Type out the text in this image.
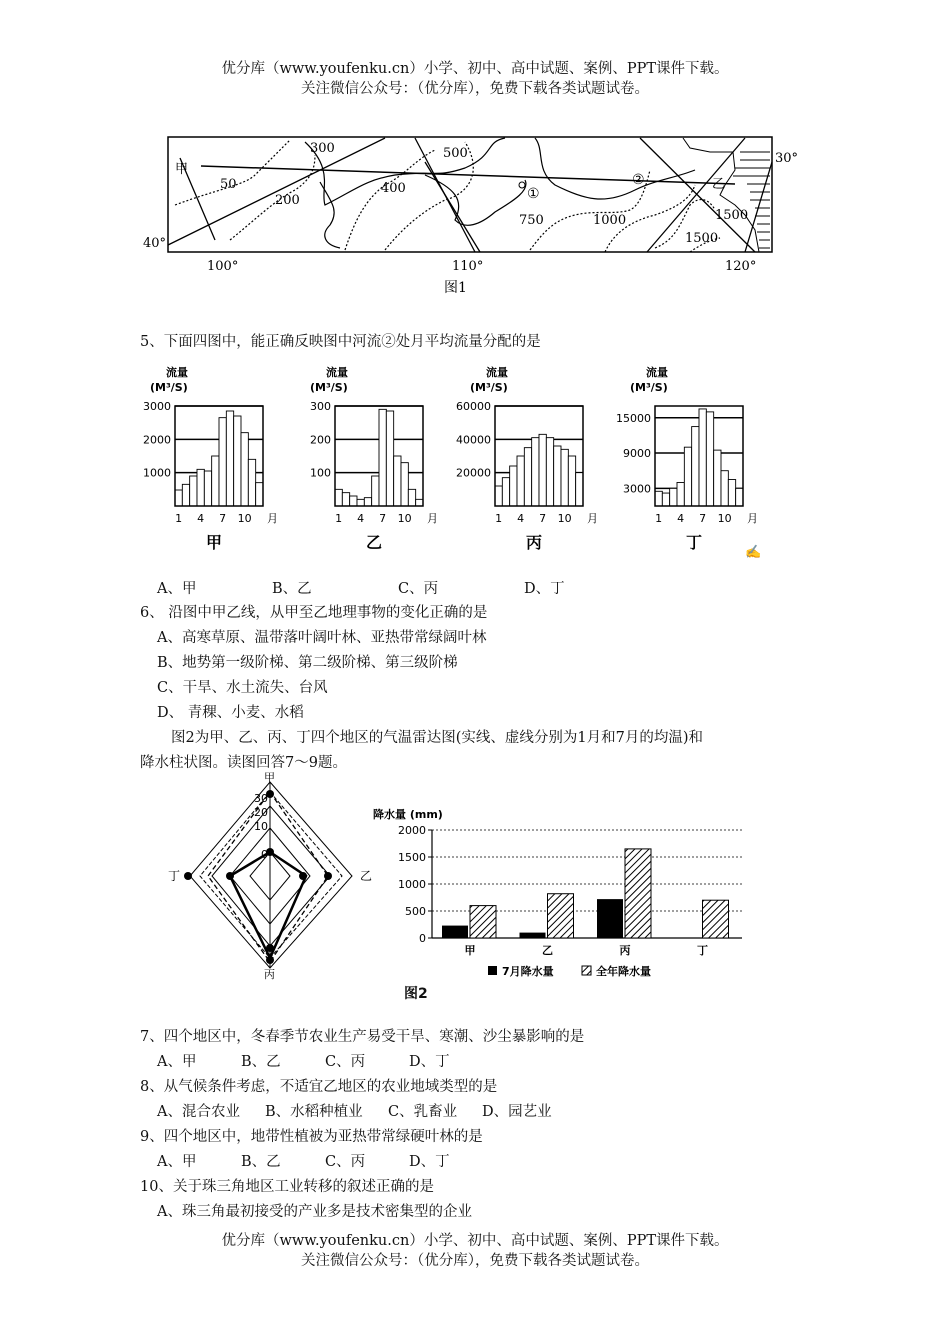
优分库（www.youfenku.cn）小学、初中、高中试题、案例、PPT课件下载。
关注微信公众号：（优分库），免费下载各类试题试卷。
甲
乙
50
200
300
400
500
750	1000	1500
1500
①
②
30°
40°
100°	110°	120°
图1
5、下面四图中，能正确反映图中河流②处月平均流量分配的是
流量
(M³/S)
1000
2000
3000
1 4 7 10 月
甲
流量
(M³/S)
100
200
300
1 4 7 10 月
乙
流量
(M³/S)
20000
40000
60000
1 4 7 10 月
丙
流量
(M³/S)
3000
9000
15000
1 4 7 10 月
丁
✍
A、甲	B、乙	C、丙	D、丁
6、 沿图中甲乙线，从甲至乙地理事物的变化正确的是
A、高寒草原、温带落叶阔叶林、亚热带常绿阔叶林
B、地势第一级阶梯、第二级阶梯、第三级阶梯
C、干旱、水土流失、台风
D、 青稞、小麦、水稻
图2为甲、乙、丙、丁四个地区的气温雷达图(实线、虚线分别为1月和7月的均温)和
降水柱状图。读图回答7～9题。
甲
乙
丙
丁
30
20
10
0
降水量 (mm)
0
500
1000
1500
2000
甲	乙	丙	丁
7月降水量	全年降水量
图2
7、四个地区中，冬春季节农业生产易受干旱、寒潮、沙尘暴影响的是
A、甲	B、乙	C、丙	D、丁
8、从气候条件考虑，不适宜乙地区的农业地域类型的是
A、混合农业 B、水稻种植业 C、乳畜业 D、园艺业
9、四个地区中，地带性植被为亚热带常绿硬叶林的是
A、甲	B、乙	C、丙	D、丁
10、关于珠三角地区工业转移的叙述正确的是
A、珠三角最初接受的产业多是技术密集型的企业
优分库（www.youfenku.cn）小学、初中、高中试题、案例、PPT课件下载。
关注微信公众号：（优分库），免费下载各类试题试卷。
